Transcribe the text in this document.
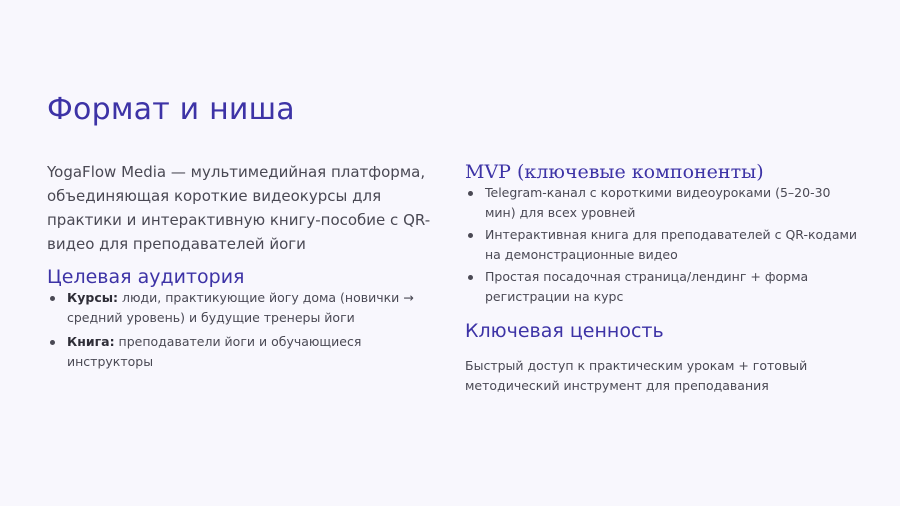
Формат и ниша

YogaFlow Media — мультимедийная платформа, объединяющая короткие видеокурсы для практики и интерактивную книгу-пособие с QR-видео для преподавателей йоги

Целевая аудитория
Курсы: люди, практикующие йогу дома (новички → средний уровень) и будущие тренеры йоги
Книга: преподаватели йоги и обучающиеся инструкторы
MVP (ключевые компоненты)
Telegram-канал с короткими видеоуроками (5–20-30 мин) для всех уровней
Интерактивная книга для преподавателей с QR-кодами на демонстрационные видео
Простая посадочная страница/лендинг + форма регистрации на курс
Ключевая ценность

Быстрый доступ к практическим урокам + готовый методический инструмент для преподавания
